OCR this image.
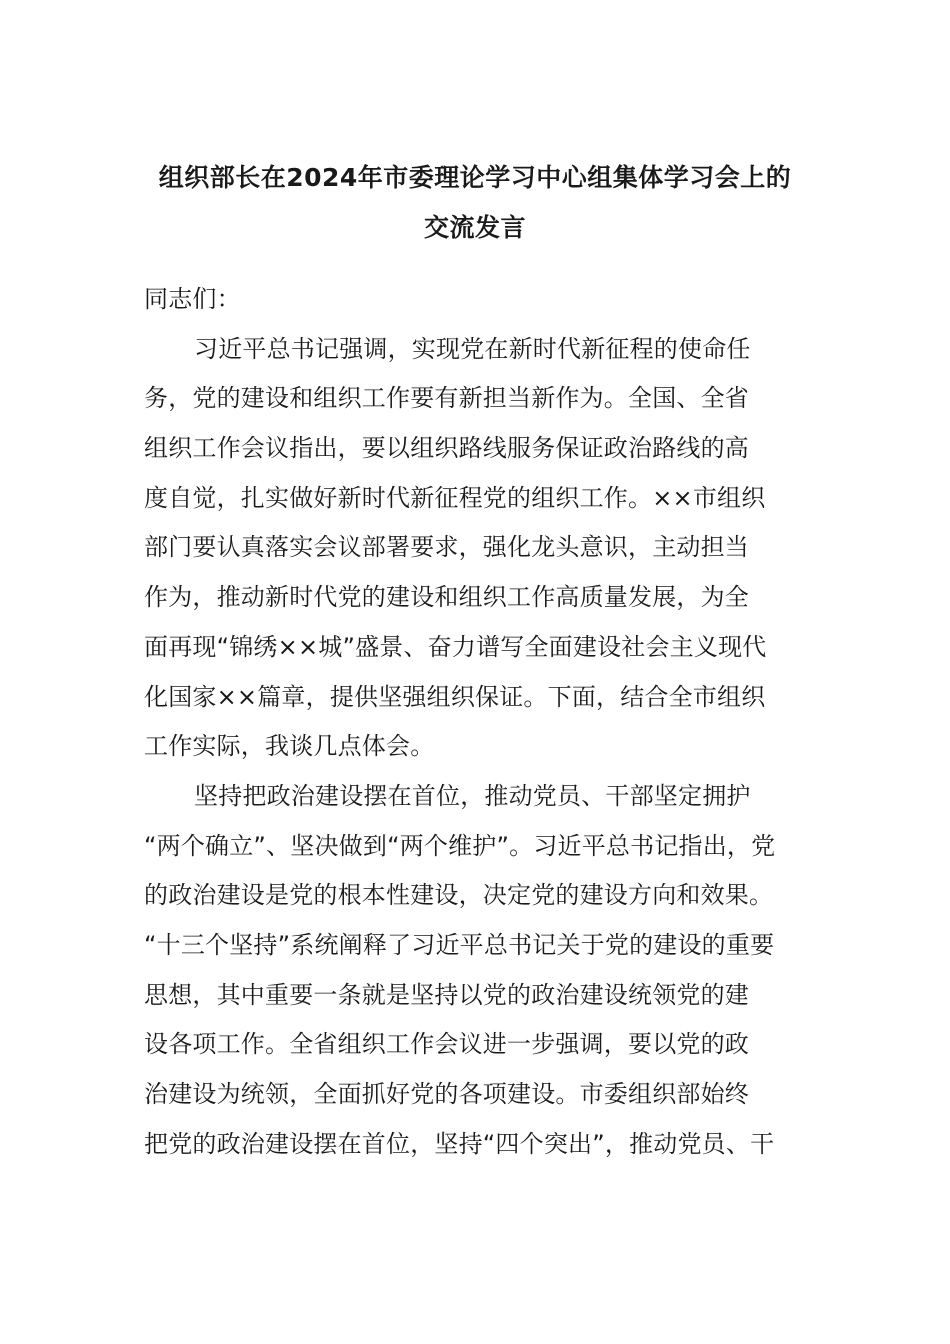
组织部长在2024年市委理论学习中心组集体学习会上的
交流发言
同志们：
习近平总书记强调，实现党在新时代新征程的使命任
务，党的建设和组织工作要有新担当新作为。全国、全省
组织工作会议指出，要以组织路线服务保证政治路线的高
度自觉，扎实做好新时代新征程党的组织工作。××市组织
部门要认真落实会议部署要求，强化龙头意识，主动担当
作为，推动新时代党的建设和组织工作高质量发展，为全
面再现“锦绣××城”盛景、奋力谱写全面建设社会主义现代
化国家××篇章，提供坚强组织保证。下面，结合全市组织
工作实际，我谈几点体会。
坚持把政治建设摆在首位，推动党员、干部坚定拥护
“两个确立”、坚决做到“两个维护”。习近平总书记指出，党
的政治建设是党的根本性建设，决定党的建设方向和效果。
“十三个坚持”系统阐释了习近平总书记关于党的建设的重要
思想，其中重要一条就是坚持以党的政治建设统领党的建
设各项工作。全省组织工作会议进一步强调，要以党的政
治建设为统领，全面抓好党的各项建设。市委组织部始终
把党的政治建设摆在首位，坚持“四个突出”，推动党员、干
